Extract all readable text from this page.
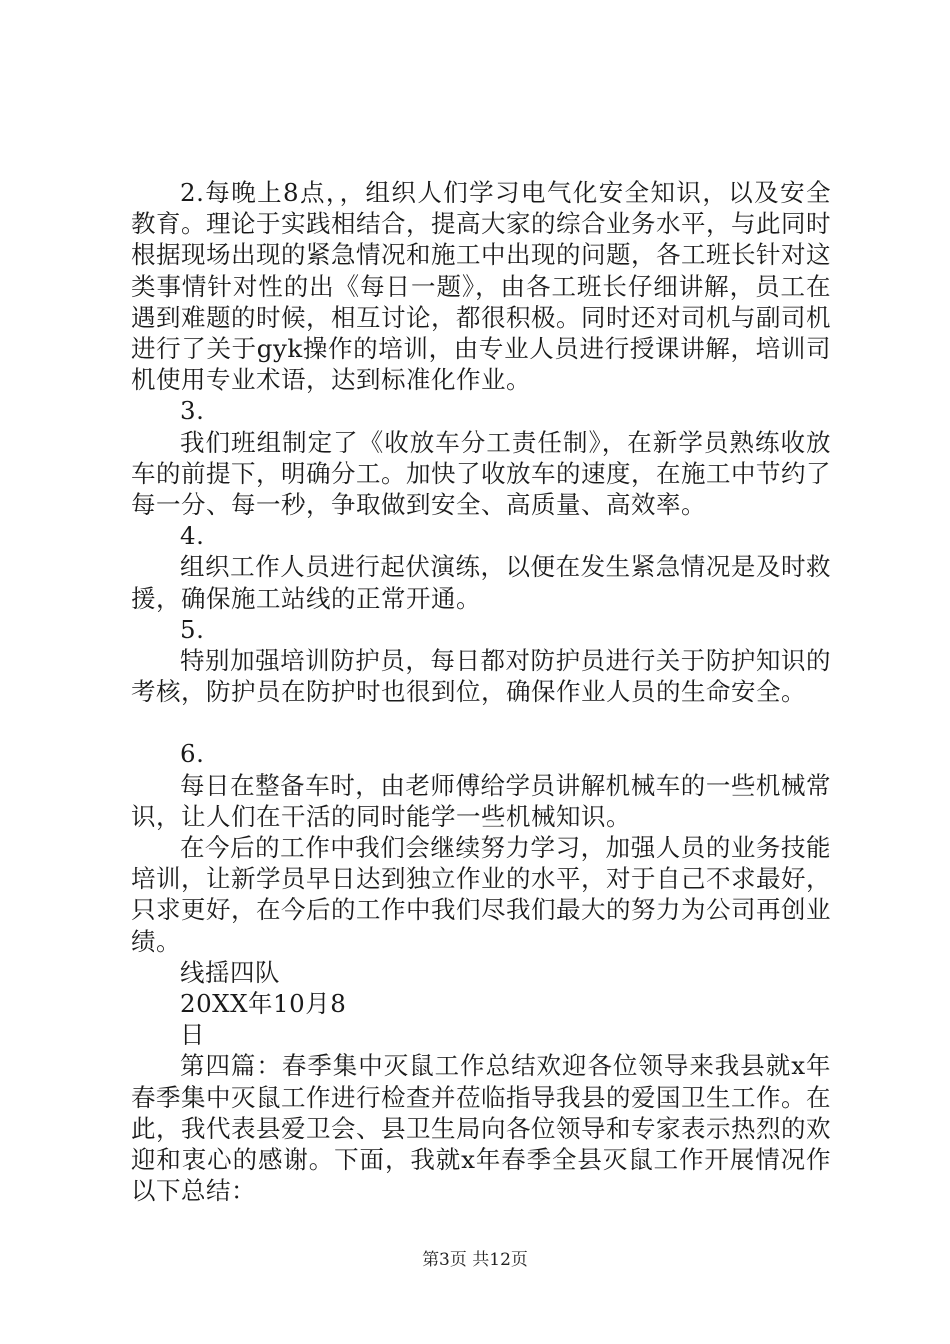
2.每晚上8点，，组织人们学习电气化安全知识，以及安全教育。理论于实践相结合，提高大家的综合业务水平，与此同时根据现场出现的紧急情况和施工中出现的问题，各工班长针对这类事情针对性的出《每日一题》，由各工班长仔细讲解，员工在遇到难题的时候，相互讨论，都很积极。同时还对司机与副司机进行了关于gyk操作的培训，由专业人员进行授课讲解，培训司机使用专业术语，达到标准化作业。

3.

我们班组制定了《收放车分工责任制》，在新学员熟练收放车的前提下，明确分工。加快了收放车的速度，在施工中节约了每一分、每一秒，争取做到安全、高质量、高效率。

4.

组织工作人员进行起伏演练，以便在发生紧急情况是及时救援，确保施工站线的正常开通。

5.

特别加强培训防护员，每日都对防护员进行关于防护知识的考核，防护员在防护时也很到位，确保作业人员的生命安全。

6.

每日在整备车时，由老师傅给学员讲解机械车的一些机械常识，让人们在干活的同时能学一些机械知识。

在今后的工作中我们会继续努力学习，加强人员的业务技能培训，让新学员早日达到独立作业的水平，对于自己不求最好，只求更好，在今后的工作中我们尽我们最大的努力为公司再创业绩。

线揺四队

20XX年10月8

日

第四篇：春季集中灭鼠工作总结欢迎各位领导来我县就x年春季集中灭鼠工作进行检查并莅临指导我县的爱国卫生工作。在此，我代表县爱卫会、县卫生局向各位领导和专家表示热烈的欢迎和衷心的感谢。下面，我就x年春季全县灭鼠工作开展情况作以下总结：

第3页 共12页
